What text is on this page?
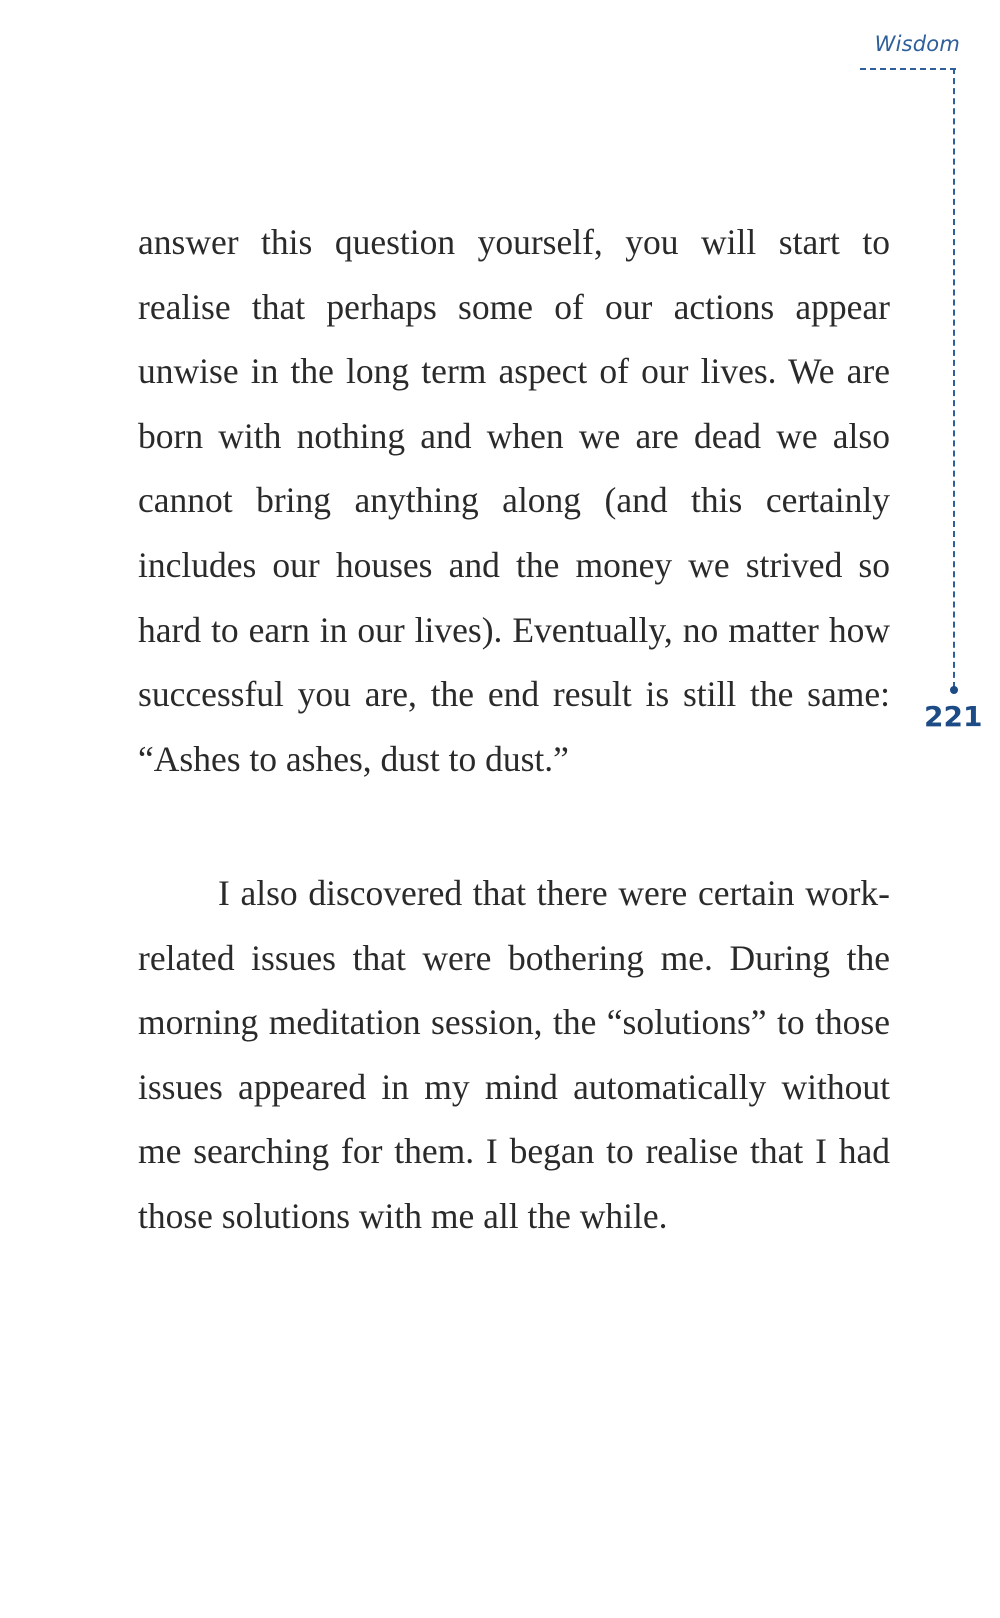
Wisdom
221

answer this question yourself, you will start to realise that perhaps some of our actions appear unwise in the long term aspect of our lives. We are born with nothing and when we are dead we also cannot bring anything along (and this certainly includes our houses and the money we strived so hard to earn in our lives). Eventually, no matter how successful you are, the end result is still the same: “Ashes to ashes, dust to dust.”

I also discovered that there were certain work-related issues that were bothering me. During the morning meditation session, the “solutions” to those issues appeared in my mind automatically without me searching for them. I began to realise that I had those solutions with me all the while.
